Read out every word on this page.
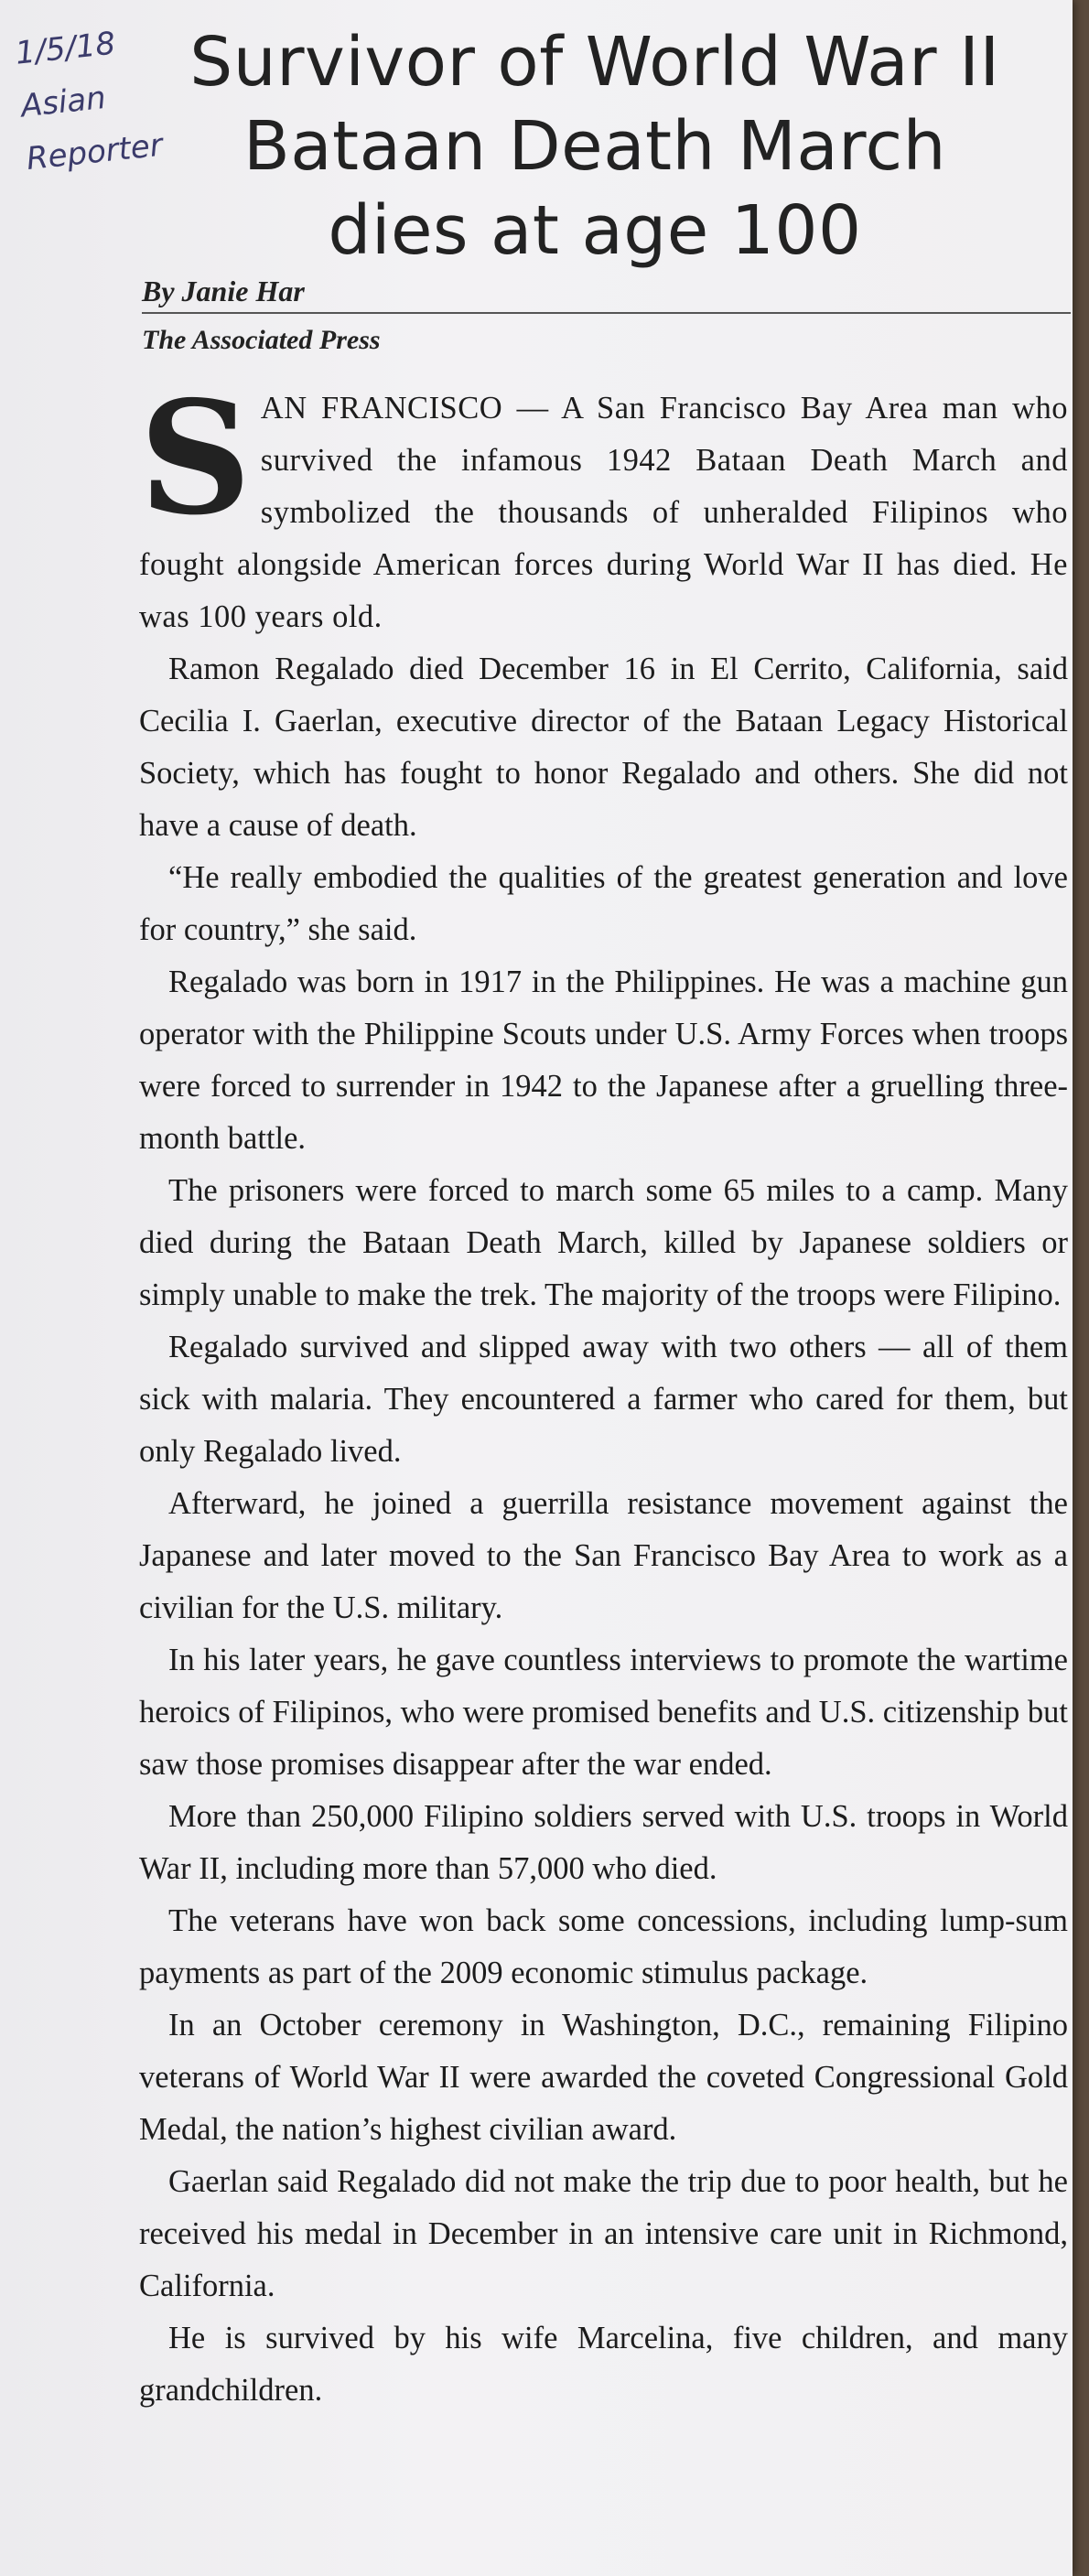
1/5/18
Asian
Reporter
Survivor of World War II
Bataan Death March
dies at age 100
By Janie Har
The Associated Press

SAN FRANCISCO — A San Francisco Bay Area man who survived the infamous 1942 Bataan Death March and symbolized the thousands of unheralded Filipinos who fought alongside American forces during World War II has died. He was 100 years old.

Ramon Regalado died December 16 in El Cerrito, California, said Cecilia I. Gaerlan, executive director of the Bataan Legacy Historical Society, which has fought to honor Regalado and others. She did not have a cause of death.

“He really embodied the qualities of the greatest generation and love for country,” she said.

Regalado was born in 1917 in the Philippines. He was a machine gun operator with the Philippine Scouts under U.S. Army Forces when troops were forced to surrender in 1942 to the Japanese after a gruelling three-month battle.

The prisoners were forced to march some 65 miles to a camp. Many died during the Bataan Death March, killed by Japanese soldiers or simply unable to make the trek. The majority of the troops were Filipino.

Regalado survived and slipped away with two others — all of them sick with malaria. They encountered a farmer who cared for them, but only Regalado lived.

Afterward, he joined a guerrilla resistance movement against the Japanese and later moved to the San Francisco Bay Area to work as a civilian for the U.S. military.

In his later years, he gave countless interviews to promote the wartime heroics of Filipinos, who were promised benefits and U.S. citizenship but saw those promises disappear after the war ended.

More than 250,000 Filipino soldiers served with U.S. troops in World War II, including more than 57,000 who died.

The veterans have won back some concessions, including lump-sum payments as part of the 2009 economic stimulus package.

In an October ceremony in Washington, D.C., remaining Filipino veterans of World War II were awarded the coveted Congressional Gold Medal, the nation’s highest civilian award.

Gaerlan said Regalado did not make the trip due to poor health, but he received his medal in December in an intensive care unit in Richmond, California.

He is survived by his wife Marcelina, five children, and many grandchildren.
